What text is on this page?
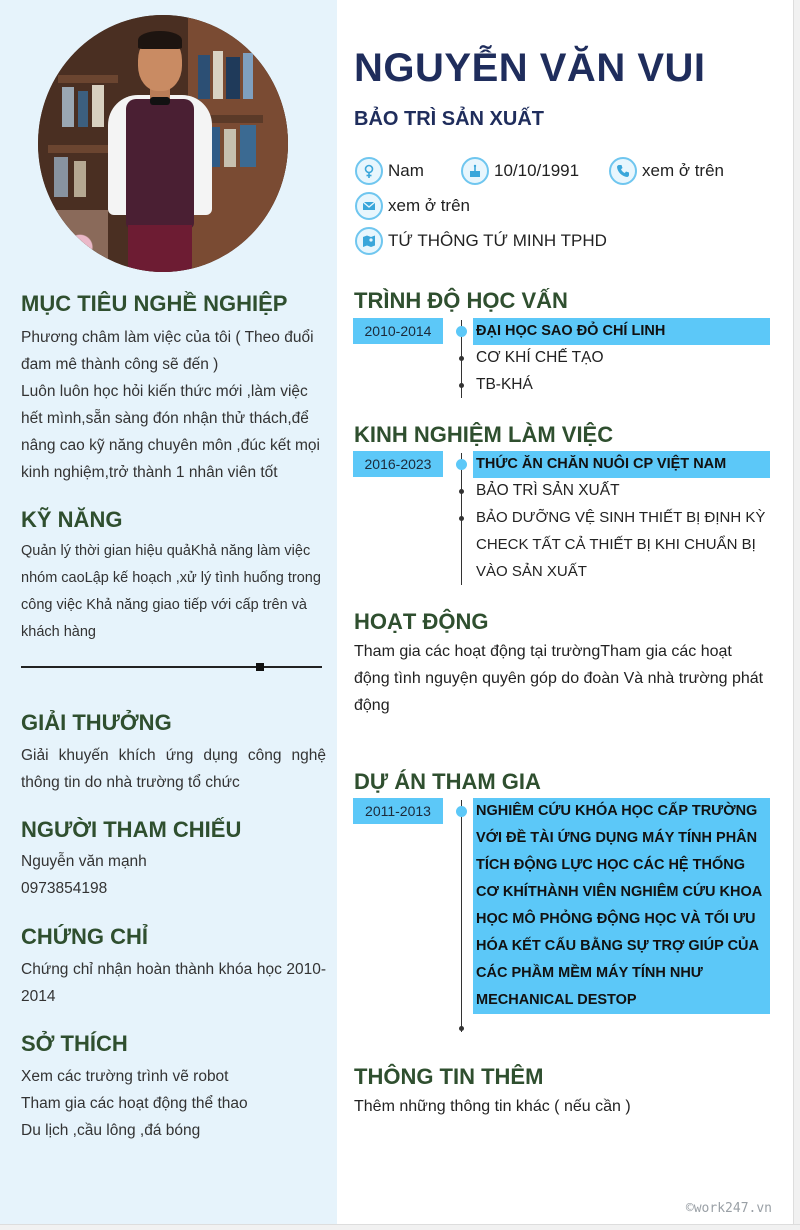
MỤC TIÊU NGHỀ NGHIỆP

Phương châm làm việc của tôi ( Theo đuổi đam mê thành công sẽ đến )

Luôn luôn học hỏi kiến thức mới ,làm việc hết mình,sẵn sàng đón nhận thử thách,để nâng cao kỹ năng chuyên môn ,đúc kết mọi kinh nghiệm,trở thành 1 nhân viên tốt

KỸ NĂNG
Quản lý thời gian hiệu quảKhả năng làm việc nhóm caoLập kế hoạch ,xử lý tình huống trong công việc Khả năng giao tiếp với cấp trên và khách hàng
GIẢI THƯỞNG
Giải khuyến khích ứng dụng công nghệ thông tin do nhà trường tổ chức
NGƯỜI THAM CHIẾU

Nguyễn văn mạnh

0973854198

CHỨNG CHỈ
Chứng chỉ nhận hoàn thành khóa học 2010-2014
SỞ THÍCH

Xem các trường trình vẽ robot

Tham gia các hoạt động thể thao

Du lịch ,cầu lông ,đá bóng

NGUYỄN VĂN VUI
BẢO TRÌ SẢN XUẤT
Nam	10/10/1991	xem ở trên
xem ở trên
TỨ THÔNG TỨ MINH TPHD
TRÌNH ĐỘ HỌC VẤN
2010-2014	ĐẠI HỌC SAO ĐỎ CHÍ LINH
CƠ KHÍ CHẾ TẠO
TB-KHÁ
KINH NGHIỆM LÀM VIỆC
2016-2023	THỨC ĂN CHĂN NUÔI CP VIỆT NAM
BẢO TRÌ SẢN XUẤT
BẢO DƯỠNG VỆ SINH THIẾT BỊ ĐỊNH KỲ CHECK TẤT CẢ THIẾT BỊ KHI CHUẨN BỊ VÀO SẢN XUẤT
HOẠT ĐỘNG
Tham gia các hoạt động tại trườngTham gia các hoạt động tình nguyện quyên góp do đoàn Và nhà trường phát động
DỰ ÁN THAM GIA
2011-2013	NGHIÊM CỨU KHÓA HỌC CẤP TRƯỜNG VỚI ĐỀ TÀI ỨNG DỤNG MÁY TÍNH PHÂN TÍCH ĐỘNG LỰC HỌC CÁC HỆ THỐNG CƠ KHÍTHÀNH VIÊN NGHIÊM CỨU KHOA HỌC MÔ PHỎNG ĐỘNG HỌC VÀ TỐI ƯU HÓA KẾT CẤU BẰNG SỰ TRỢ GIÚP CỦA CÁC PHẦM MỀM MÁY TÍNH NHƯ MECHANICAL DESTOP
THÔNG TIN THÊM
Thêm những thông tin khác ( nếu cần )
©work247.vn
